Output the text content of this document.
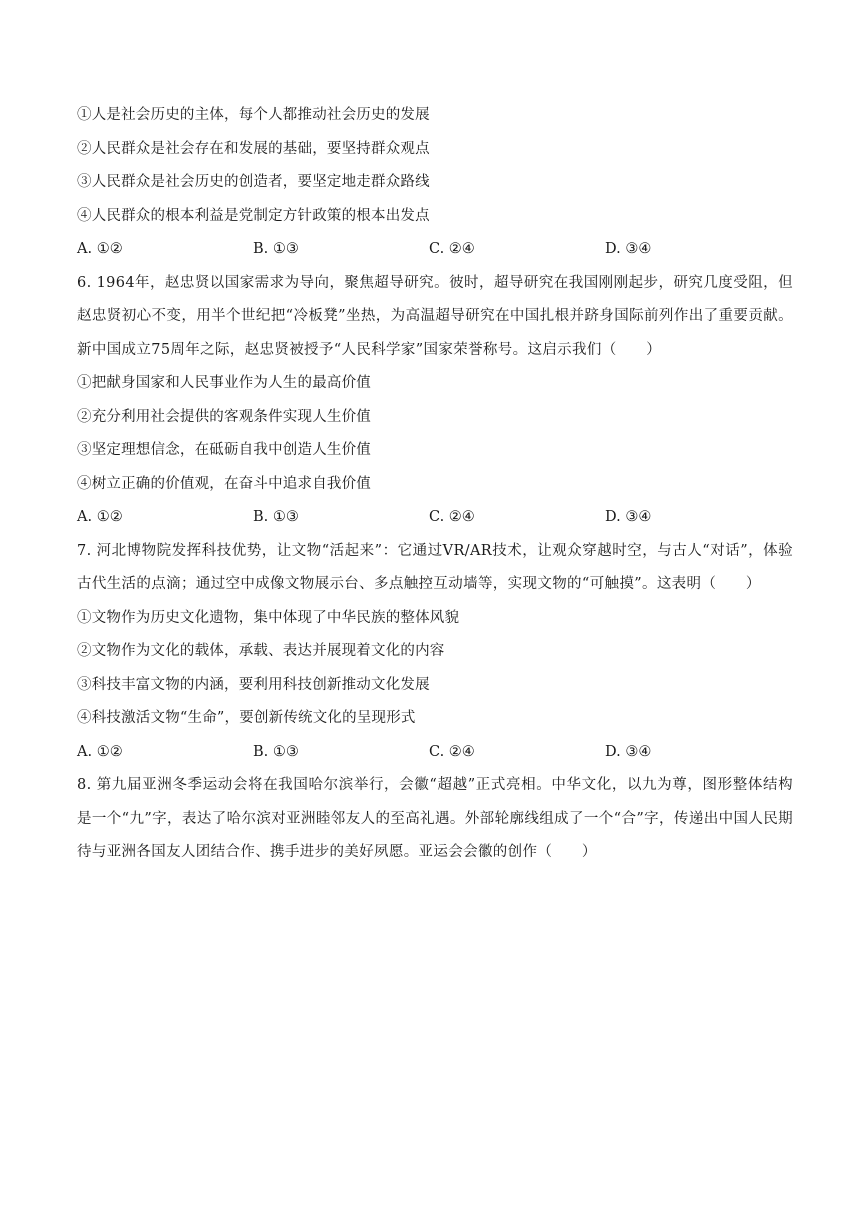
①人是社会历史的主体，每个人都推动社会历史的发展
②人民群众是社会存在和发展的基础，要坚持群众观点
③人民群众是社会历史的创造者，要坚定地走群众路线
④人民群众的根本利益是党制定方针政策的根本出发点
A. ①②	B. ①③	C. ②④	D. ③④
6. 1964年，赵忠贤以国家需求为导向，聚焦超导研究。彼时，超导研究在我国刚刚起步，研究几度受阻，但赵忠贤初心不变，用半个世纪把“冷板凳”坐热，为高温超导研究在中国扎根并跻身国际前列作出了重要贡献。新中国成立75周年之际，赵忠贤被授予“人民科学家”国家荣誉称号。这启示我们（　　）
①把献身国家和人民事业作为人生的最高价值
②充分利用社会提供的客观条件实现人生价值
③坚定理想信念，在砥砺自我中创造人生价值
④树立正确的价值观，在奋斗中追求自我价值
A. ①②	B. ①③	C. ②④	D. ③④
7. 河北博物院发挥科技优势，让文物“活起来”：它通过VR/AR技术，让观众穿越时空，与古人“对话”，体验古代生活的点滴；通过空中成像文物展示台、多点触控互动墙等，实现文物的“可触摸”。这表明（　　）
①文物作为历史文化遗物，集中体现了中华民族的整体风貌
②文物作为文化的载体，承载、表达并展现着文化的内容
③科技丰富文物的内涵，要利用科技创新推动文化发展
④科技激活文物“生命”，要创新传统文化的呈现形式
A. ①②	B. ①③	C. ②④	D. ③④
8. 第九届亚洲冬季运动会将在我国哈尔滨举行，会徽“超越”正式亮相。中华文化，以九为尊，图形整体结构是一个“九”字，表达了哈尔滨对亚洲睦邻友人的至高礼遇。外部轮廓线组成了一个“合”字，传递出中国人民期待与亚洲各国友人团结合作、携手进步的美好夙愿。亚运会会徽的创作（　　）
